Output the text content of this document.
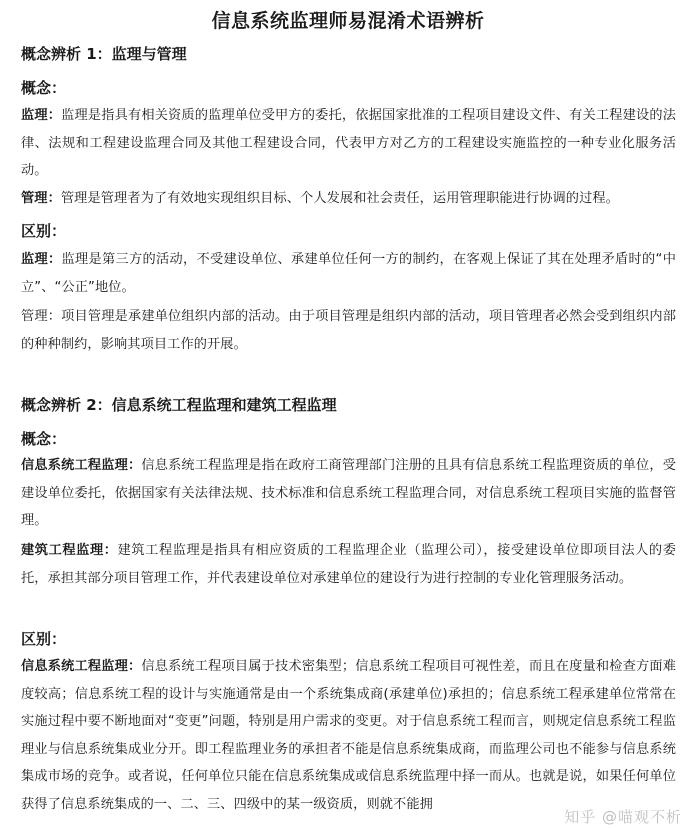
信息系统监理师易混淆术语辨析
概念辨析 1：监理与管理
概念：
监理：监理是指具有相关资质的监理单位受甲方的委托，依据国家批准的工程项目建设文件、有关工程建设的法律、法规和工程建设监理合同及其他工程建设合同，代表甲方对乙方的工程建设实施监控的一种专业化服务活动。
管理：管理是管理者为了有效地实现组织目标、个人发展和社会责任，运用管理职能进行协调的过程。
区别：
监理：监理是第三方的活动，不受建设单位、承建单位任何一方的制约，在客观上保证了其在处理矛盾时的“中立”、“公正”地位。
管理：项目管理是承建单位组织内部的活动。由于项目管理是组织内部的活动，项目管理者必然会受到组织内部的种种制约，影响其项目工作的开展。
概念辨析 2：信息系统工程监理和建筑工程监理
概念：
信息系统工程监理：信息系统工程监理是指在政府工商管理部门注册的且具有信息系统工程监理资质的单位，受建设单位委托，依据国家有关法律法规、技术标准和信息系统工程监理合同，对信息系统工程项目实施的监督管理。
建筑工程监理：建筑工程监理是指具有相应资质的工程监理企业（监理公司），接受建设单位即项目法人的委托，承担其部分项目管理工作，并代表建设单位对承建单位的建设行为进行控制的专业化管理服务活动。
区别：
信息系统工程监理：信息系统工程项目属于技术密集型；信息系统工程项目可视性差，而且在度量和检查方面难度较高；信息系统工程的设计与实施通常是由一个系统集成商(承建单位)承担的；信息系统工程承建单位常常在实施过程中要不断地面对“变更”问题，特别是用户需求的变更。对于信息系统工程而言，则规定信息系统工程监理业与信息系统集成业分开。即工程监理业务的承担者不能是信息系统集成商，而监理公司也不能参与信息系统集成市场的竞争。或者说，任何单位只能在信息系统集成或信息系统监理中择一而从。也就是说，如果任何单位获得了信息系统集成的一、二、三、四级中的某一级资质，则就不能拥
知乎 @喵观不析
